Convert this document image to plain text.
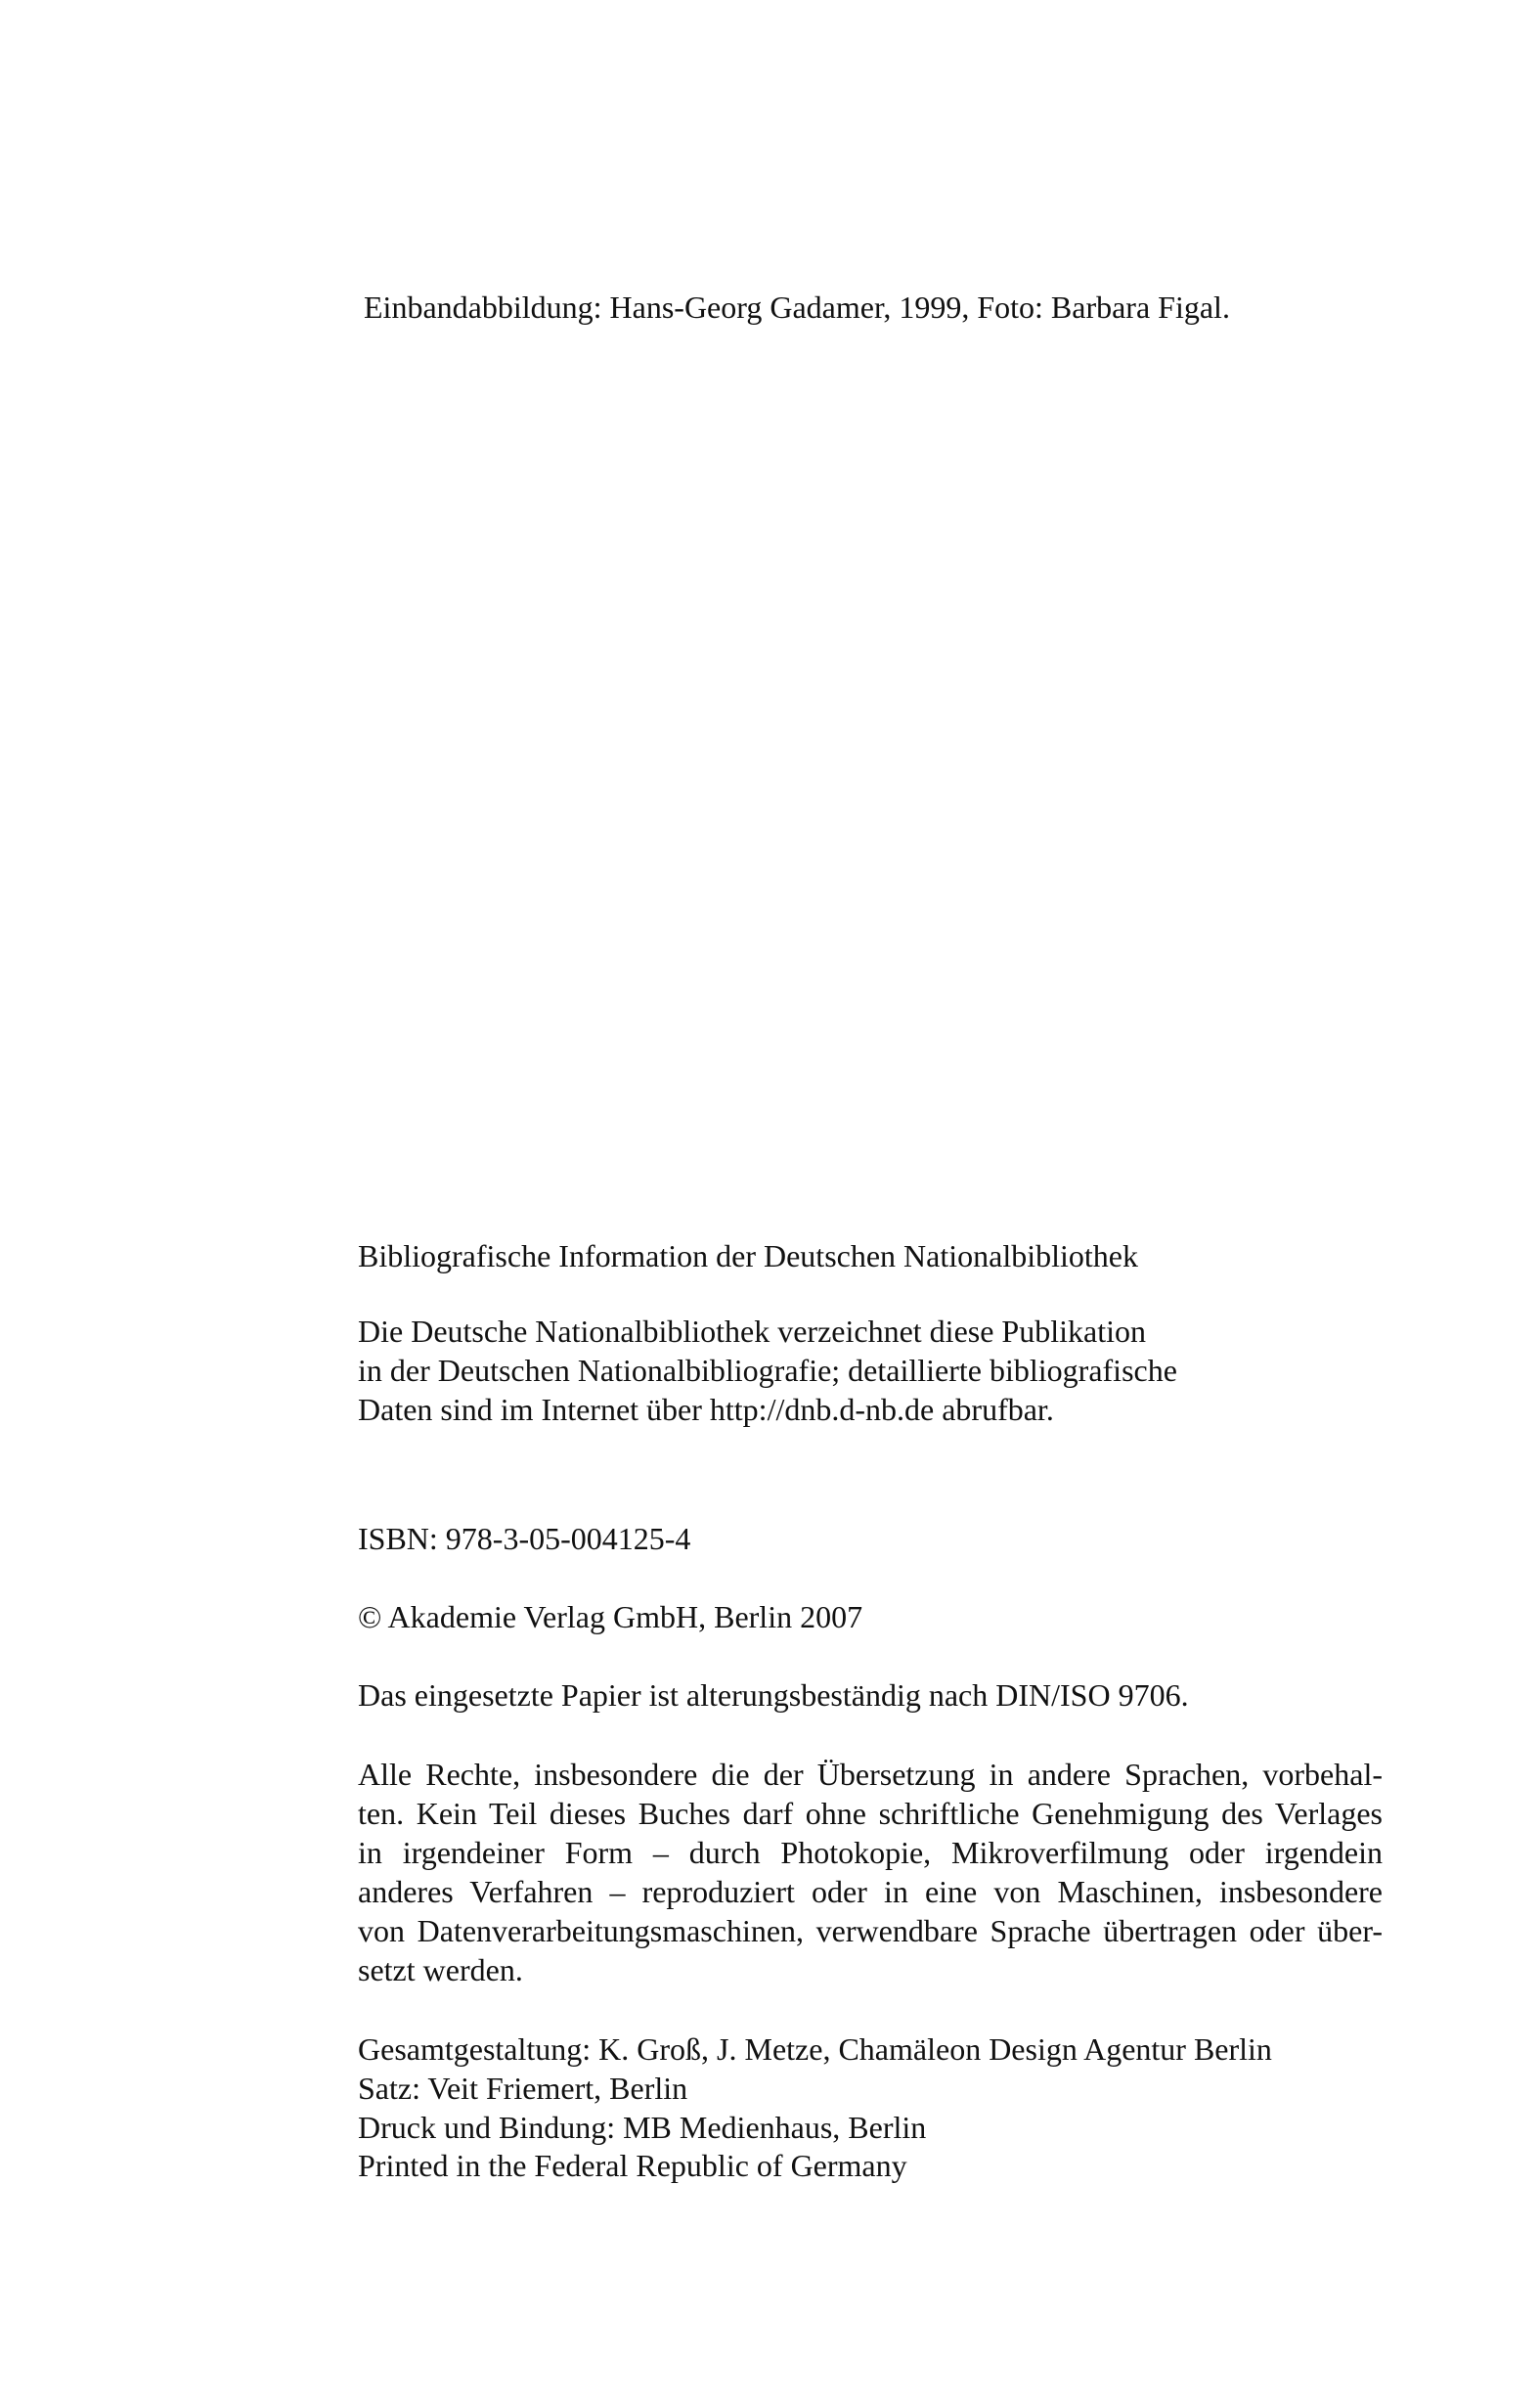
Einbandabbildung: Hans-Georg Gadamer, 1999, Foto: Barbara Figal.
Bibliografische Information der Deutschen Nationalbibliothek
Die Deutsche Nationalbibliothek verzeichnet diese Publikation
in der Deutschen Nationalbibliografie; detaillierte bibliografische
Daten sind im Internet über http://dnb.d-nb.de abrufbar.
ISBN: 978-3-05-004125-4
© Akademie Verlag GmbH, Berlin 2007
Das eingesetzte Papier ist alterungsbeständig nach DIN/ISO 9706.
Alle Rechte, insbesondere die der Übersetzung in andere Sprachen, vorbehal-
ten. Kein Teil dieses Buches darf ohne schriftliche Genehmigung des Verlages
in irgendeiner Form – durch Photokopie, Mikroverfilmung oder irgendein
anderes Verfahren – reproduziert oder in eine von Maschinen, insbesondere
von Datenverarbeitungsmaschinen, verwendbare Sprache übertragen oder über-
setzt werden.
Gesamtgestaltung: K. Groß, J. Metze, Chamäleon Design Agentur Berlin
Satz: Veit Friemert, Berlin
Druck und Bindung: MB Medienhaus, Berlin
Printed in the Federal Republic of Germany
